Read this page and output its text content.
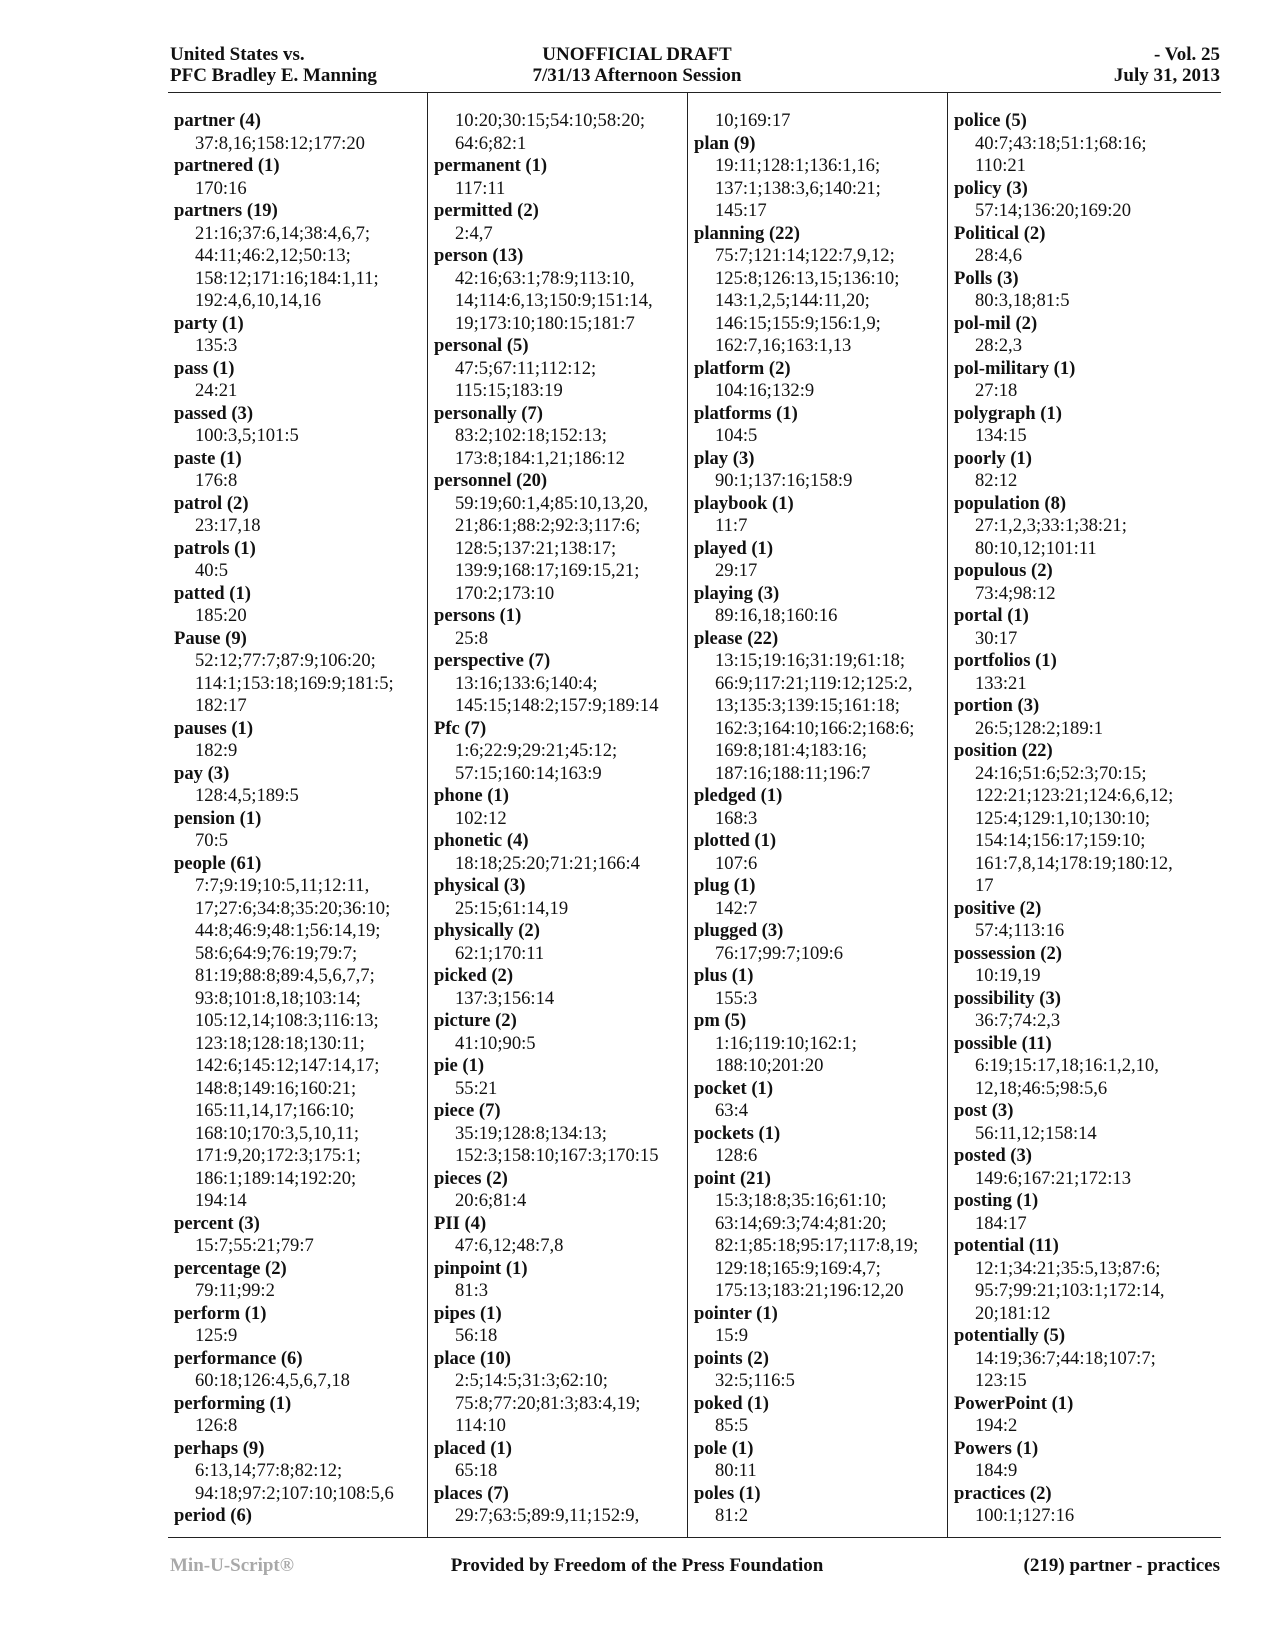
United States vs.
PFC Bradley E. Manning
UNOFFICIAL DRAFT
7/31/13 Afternoon Session
- Vol. 25
July 31, 2013
partner (4)
37:8,16;158:12;177:20
partnered (1)
170:16
partners (19)
21:16;37:6,14;38:4,6,7;
44:11;46:2,12;50:13;
158:12;171:16;184:1,11;
192:4,6,10,14,16
party (1)
135:3
pass (1)
24:21
passed (3)
100:3,5;101:5
paste (1)
176:8
patrol (2)
23:17,18
patrols (1)
40:5
patted (1)
185:20
Pause (9)
52:12;77:7;87:9;106:20;
114:1;153:18;169:9;181:5;
182:17
pauses (1)
182:9
pay (3)
128:4,5;189:5
pension (1)
70:5
people (61)
7:7;9:19;10:5,11;12:11,
17;27:6;34:8;35:20;36:10;
44:8;46:9;48:1;56:14,19;
58:6;64:9;76:19;79:7;
81:19;88:8;89:4,5,6,7,7;
93:8;101:8,18;103:14;
105:12,14;108:3;116:13;
123:18;128:18;130:11;
142:6;145:12;147:14,17;
148:8;149:16;160:21;
165:11,14,17;166:10;
168:10;170:3,5,10,11;
171:9,20;172:3;175:1;
186:1;189:14;192:20;
194:14
percent (3)
15:7;55:21;79:7
percentage (2)
79:11;99:2
perform (1)
125:9
performance (6)
60:18;126:4,5,6,7,18
performing (1)
126:8
perhaps (9)
6:13,14;77:8;82:12;
94:18;97:2;107:10;108:5,6
period (6)
10:20;30:15;54:10;58:20;
64:6;82:1
permanent (1)
117:11
permitted (2)
2:4,7
person (13)
42:16;63:1;78:9;113:10,
14;114:6,13;150:9;151:14,
19;173:10;180:15;181:7
personal (5)
47:5;67:11;112:12;
115:15;183:19
personally (7)
83:2;102:18;152:13;
173:8;184:1,21;186:12
personnel (20)
59:19;60:1,4;85:10,13,20,
21;86:1;88:2;92:3;117:6;
128:5;137:21;138:17;
139:9;168:17;169:15,21;
170:2;173:10
persons (1)
25:8
perspective (7)
13:16;133:6;140:4;
145:15;148:2;157:9;189:14
Pfc (7)
1:6;22:9;29:21;45:12;
57:15;160:14;163:9
phone (1)
102:12
phonetic (4)
18:18;25:20;71:21;166:4
physical (3)
25:15;61:14,19
physically (2)
62:1;170:11
picked (2)
137:3;156:14
picture (2)
41:10;90:5
pie (1)
55:21
piece (7)
35:19;128:8;134:13;
152:3;158:10;167:3;170:15
pieces (2)
20:6;81:4
PII (4)
47:6,12;48:7,8
pinpoint (1)
81:3
pipes (1)
56:18
place (10)
2:5;14:5;31:3;62:10;
75:8;77:20;81:3;83:4,19;
114:10
placed (1)
65:18
places (7)
29:7;63:5;89:9,11;152:9,
10;169:17
plan (9)
19:11;128:1;136:1,16;
137:1;138:3,6;140:21;
145:17
planning (22)
75:7;121:14;122:7,9,12;
125:8;126:13,15;136:10;
143:1,2,5;144:11,20;
146:15;155:9;156:1,9;
162:7,16;163:1,13
platform (2)
104:16;132:9
platforms (1)
104:5
play (3)
90:1;137:16;158:9
playbook (1)
11:7
played (1)
29:17
playing (3)
89:16,18;160:16
please (22)
13:15;19:16;31:19;61:18;
66:9;117:21;119:12;125:2,
13;135:3;139:15;161:18;
162:3;164:10;166:2;168:6;
169:8;181:4;183:16;
187:16;188:11;196:7
pledged (1)
168:3
plotted (1)
107:6
plug (1)
142:7
plugged (3)
76:17;99:7;109:6
plus (1)
155:3
pm (5)
1:16;119:10;162:1;
188:10;201:20
pocket (1)
63:4
pockets (1)
128:6
point (21)
15:3;18:8;35:16;61:10;
63:14;69:3;74:4;81:20;
82:1;85:18;95:17;117:8,19;
129:18;165:9;169:4,7;
175:13;183:21;196:12,20
pointer (1)
15:9
points (2)
32:5;116:5
poked (1)
85:5
pole (1)
80:11
poles (1)
81:2
police (5)
40:7;43:18;51:1;68:16;
110:21
policy (3)
57:14;136:20;169:20
Political (2)
28:4,6
Polls (3)
80:3,18;81:5
pol-mil (2)
28:2,3
pol-military (1)
27:18
polygraph (1)
134:15
poorly (1)
82:12
population (8)
27:1,2,3;33:1;38:21;
80:10,12;101:11
populous (2)
73:4;98:12
portal (1)
30:17
portfolios (1)
133:21
portion (3)
26:5;128:2;189:1
position (22)
24:16;51:6;52:3;70:15;
122:21;123:21;124:6,6,12;
125:4;129:1,10;130:10;
154:14;156:17;159:10;
161:7,8,14;178:19;180:12,
17
positive (2)
57:4;113:16
possession (2)
10:19,19
possibility (3)
36:7;74:2,3
possible (11)
6:19;15:17,18;16:1,2,10,
12,18;46:5;98:5,6
post (3)
56:11,12;158:14
posted (3)
149:6;167:21;172:13
posting (1)
184:17
potential (11)
12:1;34:21;35:5,13;87:6;
95:7;99:21;103:1;172:14,
20;181:12
potentially (5)
14:19;36:7;44:18;107:7;
123:15
PowerPoint (1)
194:2
Powers (1)
184:9
practices (2)
100:1;127:16
Min-U-Script®	Provided by Freedom of the Press Foundation	(219) partner - practices
